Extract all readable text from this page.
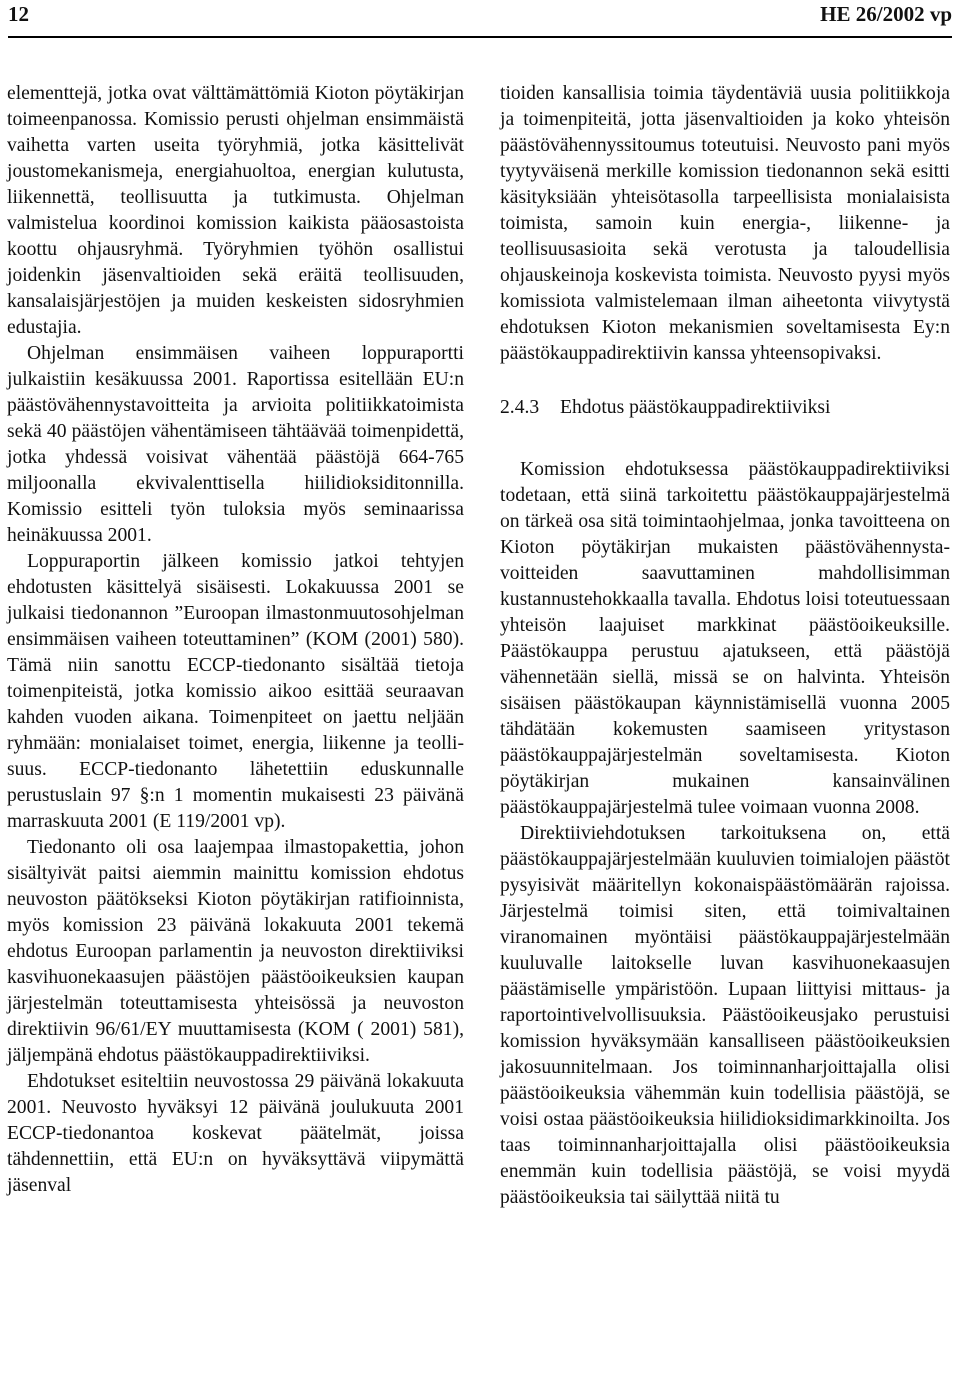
12	HE 26/2002 vp

elementtejä, jotka ovat välttämättömiä Kioton pöytäkirjan toimeenpanossa. Komissio perusti ohjelman ensimmäistä vaihetta varten useita työryhmiä, jotka käsittelivät joustomekanismeja, energiahuoltoa, energian kulutusta, liikennettä, teollisuutta ja tutkimusta. Ohjelman valmistelua koordinoi komission kaikista pääosastoista koottu ohjausryhmä. Työryhmien työhön osallistui joidenkin jäsenvaltioiden sekä eräitä teollisuuden, kansalaisjärjestöjen ja muiden keskeisten sidosryhmien edustajia.

Ohjelman ensimmäisen vaiheen loppuraportti julkaistiin kesäkuussa 2001. Raportissa esitellään EU:n päästövähennystavoitteita ja arvioita politiikkatoimista sekä 40 päästöjen vähentämiseen tähtäävää toimenpidettä, jotka yhdessä voisivat vähentää päästöjä 664-765 miljoonalla ekvivalenttisella hiilidioksiditonnilla. Komissio esitteli työn tuloksia myös seminaarissa heinäkuussa 2001.

Loppuraportin jälkeen komissio jatkoi tehtyjen ehdotusten käsittelyä sisäisesti. Lokakuussa 2001 se julkaisi tiedonannon ”Euroopan ilmastonmuutosohjelman ensimmäisen vaiheen toteuttaminen” (KOM (2001) 580). Tämä niin sanottu ECCP-tiedonanto sisältää tietoja toimenpiteistä, jotka komissio aikoo esittää seuraavan kahden vuoden aikana. Toimenpiteet on jaettu neljään ryhmään: monialaiset toimet, energia, liikenne ja teollisuus. ECCP-tiedonanto lähetettiin eduskunnalle perustuslain 97 §:n 1 momentin mukaisesti 23 päivänä marraskuuta 2001 (E 119/2001 vp).

Tiedonanto oli osa laajempaa ilmastopakettia, johon sisältyivät paitsi aiemmin mainittu komission ehdotus neuvoston päätökseksi Kioton pöytäkirjan ratifioinnista, myös komission 23 päivänä lokakuuta 2001 tekemä ehdotus Euroopan parlamentin ja neuvoston direktiiviksi kasvihuonekaasujen päästöjen päästöoikeuksien kaupan järjestelmän toteuttamisesta yhteisössä ja neuvoston direktiivin 96/61/EY muuttamisesta (KOM ( 2001) 581), jäljempänä ehdotus päästökauppadirektiiviksi.

Ehdotukset esiteltiin neuvostossa 29 päivänä lokakuuta 2001. Neuvosto hyväksyi 12 päivänä joulukuuta 2001 ECCP-tiedonantoa koskevat päätelmät, joissa tähdennettiin, että EU:n on hyväksyttävä viipymättä jäsenval

tioiden kansallisia toimia täydentäviä uusia politiikkoja ja toimenpiteitä, jotta jäsenvaltioiden ja koko yhteisön päästövähennyssitoumus toteutuisi. Neuvosto pani myös tyytyväisenä merkille komission tiedonannon sekä esitti käsityksiään yhteisötasolla tarpeellisista monialaisista toimista, samoin kuin energia-, liikenne- ja teollisuusasioita sekä verotusta ja taloudellisia ohjauskeinoja koskevista toimista. Neuvosto pyysi myös komissiota valmistelemaan ilman aiheetonta viivytystä ehdotuksen Kioton mekanismien soveltamisesta Ey:n päästökauppadirektiivin kanssa yhteensopivaksi.

2.4.3 Ehdotus päästökauppadirektiiviksi

Komission ehdotuksessa päästökauppadirektiiviksi todetaan, että siinä tarkoitettu päästökauppajärjestelmä on tärkeä osa sitä toimintaohjelmaa, jonka tavoitteena on Kioton pöytäkirjan mukaisten päästövähennystavoitteiden saavuttaminen mahdollisimman kustannustehokkaalla tavalla. Ehdotus loisi toteutuessaan yhteisön laajuiset markkinat päästöoikeuksille. Päästökauppa perustuu ajatukseen, että päästöjä vähennetään siellä, missä se on halvinta. Yhteisön sisäisen päästökaupan käynnistämisellä vuonna 2005 tähdätään kokemusten saamiseen yritystason päästökauppajärjestelmän soveltamisesta. Kioton pöytäkirjan mukainen kansainvälinen päästökauppajärjestelmä tulee voimaan vuonna 2008.

Direktiiviehdotuksen tarkoituksena on, että päästökauppajärjestelmään kuuluvien toimialojen päästöt pysyisivät määritellyn kokonaispäästömäärän rajoissa. Järjestelmä toimisi siten, että toimivaltainen viranomainen myöntäisi päästökauppajärjestelmään kuuluvalle laitokselle luvan kasvihuonekaasujen päästämiselle ympäristöön. Lupaan liittyisi mittaus- ja raportointivelvollisuuksia. Päästöoikeusjako perustuisi komission hyväksymään kansalliseen päästöoikeuksien jakosuunnitelmaan. Jos toiminnanharjoittajalla olisi päästöoikeuksia vähemmän kuin todellisia päästöjä, se voisi ostaa päästöoikeuksia hiilidioksidimarkkinoilta. Jos taas toiminnanharjoittajalla olisi päästöoikeuksia enemmän kuin todellisia päästöjä, se voisi myydä päästöoikeuksia tai säilyttää niitä tu
